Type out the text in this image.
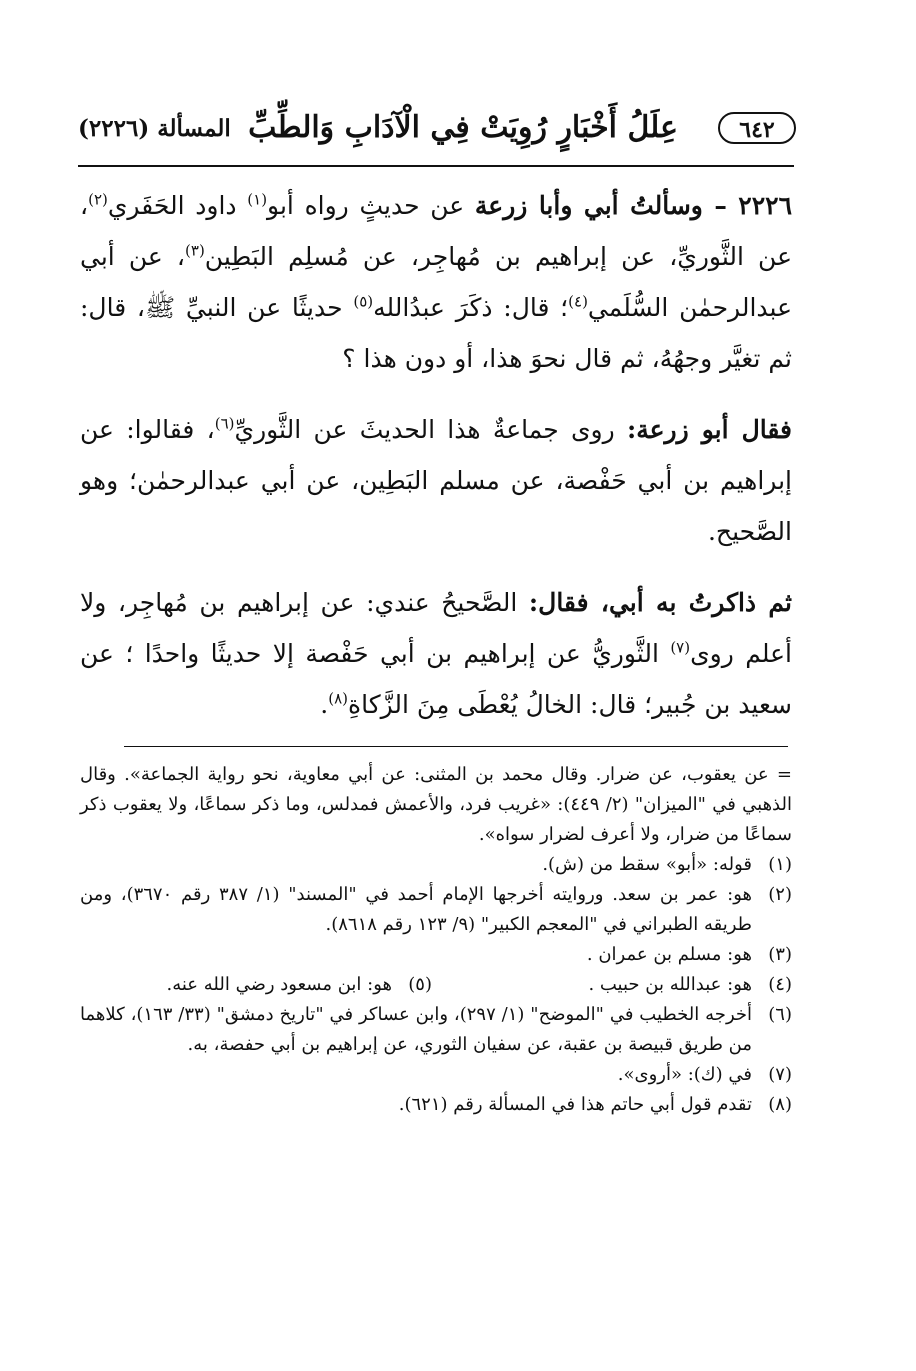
٦٤٢
عِلَلُ أَخْبَارٍ رُوِيَتْ فِي الْآدَابِ وَالطِّبِّ
المسألة (٢٢٢٦)

٢٢٢٦ – وسألتُ أبي وأبا زرعة عن حديثٍ رواه أبو$^{(١)}$ داود الحَفَري$^{(٢)}$، عن الثَّوريِّ، عن إبراهيم بن مُهاجِر، عن مُسلِم البَطِين$^{(٣)}$، عن أبي عبدالرحمٰن السُّلَمي$^{(٤)}$؛ قال: ذكَرَ عبدُالله$^{(٥)}$ حديثًا عن النبيِّ ﷺ، قال: ثم تغيَّر وجهُهُ، ثم قال نحوَ هذا، أو دون هذا ؟

فقال أبو زرعة: روى جماعةٌ هذا الحديثَ عن الثَّوريِّ$^{(٦)}$، فقالوا: عن إبراهيم بن أبي حَفْصة، عن مسلم البَطِين، عن أبي عبدالرحمٰن؛ وهو الصَّحيح.

ثم ذاكرتُ به أبي، فقال: الصَّحيحُ عندي: عن إبراهيم بن مُهاجِر، ولا أعلم روى$^{(٧)}$ الثَّوريُّ عن إبراهيم بن أبي حَفْصة إلا حديثًا واحدًا ؛ عن سعيد بن جُبير؛ قال: الخالُ يُعْطَى مِنَ الزَّكاةِ$^{(٨)}$.

= عن يعقوب، عن ضرار. وقال محمد بن المثنى: عن أبي معاوية، نحو رواية الجماعة». وقال الذهبي في "الميزان" (٢/ ٤٤٩): «غريب فرد، والأعمش فمدلس، وما ذكر سماعًا، ولا يعقوب ذكر سماعًا من ضرار، ولا أعرف لضرار سواه».
(١)
قوله: «أبو» سقط من (ش).
(٢)
هو: عمر بن سعد. وروايته أخرجها الإمام أحمد في "المسند" (١/ ٣٨٧ رقم ٣٦٧٠)، ومن طريقه الطبراني في "المعجم الكبير" (٩/ ١٢٣ رقم ٨٦١٨).
(٣)
هو: مسلم بن عمران .
(٤)
هو: عبدالله بن حبيب .
(٥)
هو: ابن مسعود رضي الله عنه.
(٦)
أخرجه الخطيب في "الموضح" (١/ ٢٩٧)، وابن عساكر في "تاريخ دمشق" (٣٣/ ١٦٣)، كلاهما من طريق قبيصة بن عقبة، عن سفيان الثوري، عن إبراهيم بن أبي حفصة، به.
(٧)
في (ك): «أروى».
(٨)
تقدم قول أبي حاتم هذا في المسألة رقم (٦٢١).
